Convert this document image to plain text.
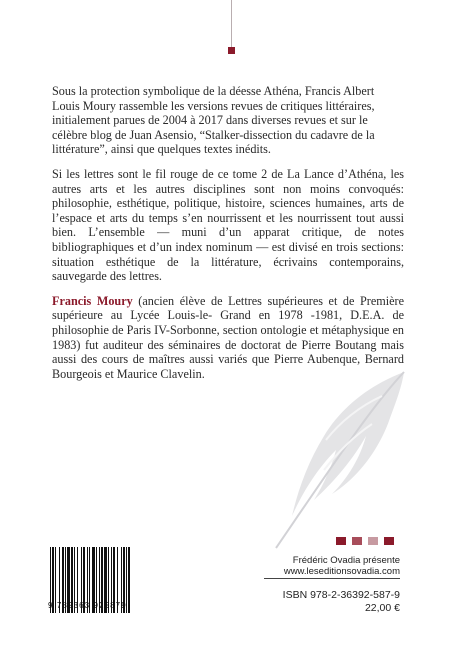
Sous la protection symbolique de la déesse Athéna, Francis Albert Louis Moury rassemble les versions revues de critiques littéraires, initialement parues de 2004 à 2017 dans diverses revues et sur le célèbre blog de Juan Asensio, “Stalker-dissection du cadavre de la littérature”, ainsi que quelques textes inédits.

Si les lettres sont le fil rouge de ce tome 2 de La Lance d’Athéna, les autres arts et les autres disciplines sont non moins convoqués: philosophie, esthétique, politique, histoire, sciences humaines, arts de l’espace et arts du temps s’en nourrissent et les nourrissent tout aussi bien. L’ensemble — muni d’un apparat critique, de notes bibliographiques et d’un index nominum — est divisé en trois sections: situation esthétique de la littérature, écrivains contemporains, sauvegarde des lettres.

Francis Moury (ancien élève de Lettres supérieures et de Première supérieure au Lycée Louis-le- Grand en 1978 -1981, D.E.A. de philosophie de Paris IV-Sorbonne, section ontologie et métaphysique en 1983) fut auditeur des séminaires de doctorat de Pierre Boutang mais aussi des cours de maîtres aussi variés que Pierre Aubenque, Bernard Bourgeois et Maurice Clavelin.

Frédéric Ovadia présente
www.leseditionsovadia.com
9 782363 925879
ISBN 978-2-36392-587-9
22,00 €
